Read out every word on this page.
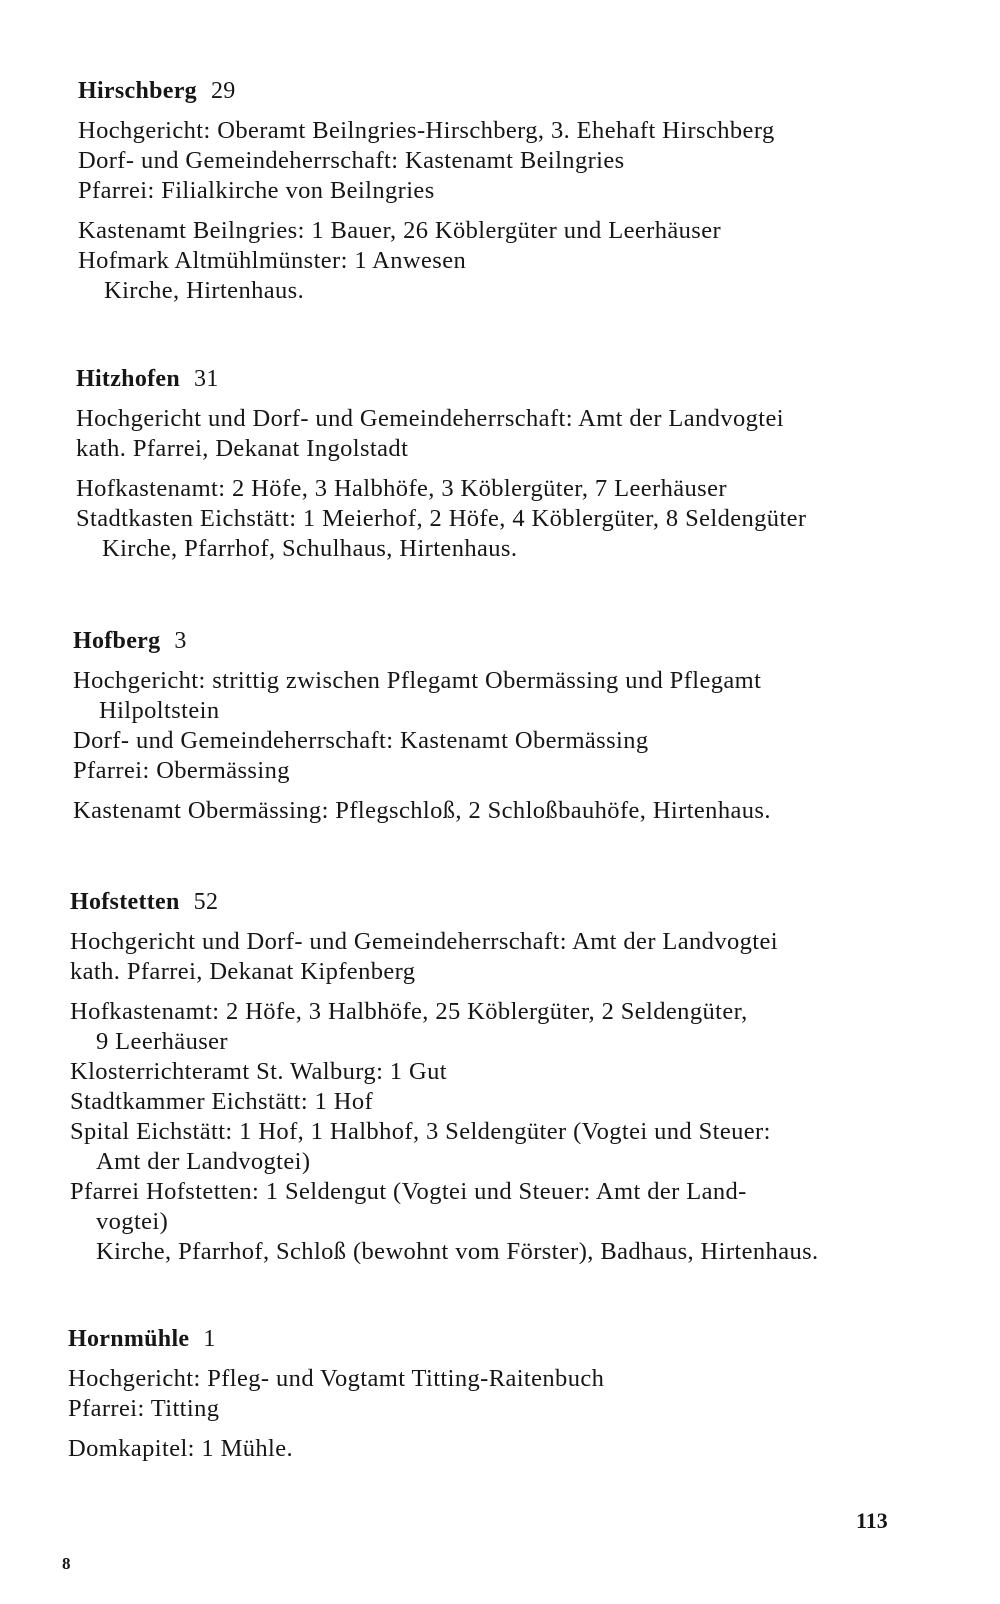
Hirschberg 29
Hochgericht: Oberamt Beilngries-Hirschberg, 3. Ehehaft Hirschberg
Dorf- und Gemeindeherrschaft: Kastenamt Beilngries
Pfarrei: Filialkirche von Beilngries
Kastenamt Beilngries: 1 Bauer, 26 Köblergüter und Leerhäuser
Hofmark Altmühlmünster: 1 Anwesen
Kirche, Hirtenhaus.
Hitzhofen 31
Hochgericht und Dorf- und Gemeindeherrschaft: Amt der Landvogtei
kath. Pfarrei, Dekanat Ingolstadt
Hofkastenamt: 2 Höfe, 3 Halbhöfe, 3 Köblergüter, 7 Leerhäuser
Stadtkasten Eichstätt: 1 Meierhof, 2 Höfe, 4 Köblergüter, 8 Seldengüter
Kirche, Pfarrhof, Schulhaus, Hirtenhaus.
Hofberg 3
Hochgericht: strittig zwischen Pflegamt Obermässing und Pflegamt
Hilpoltstein
Dorf- und Gemeindeherrschaft: Kastenamt Obermässing
Pfarrei: Obermässing
Kastenamt Obermässing: Pflegschloß, 2 Schloßbauhöfe, Hirtenhaus.
Hofstetten 52
Hochgericht und Dorf- und Gemeindeherrschaft: Amt der Landvogtei
kath. Pfarrei, Dekanat Kipfenberg
Hofkastenamt: 2 Höfe, 3 Halbhöfe, 25 Köblergüter, 2 Seldengüter,
9 Leerhäuser
Klosterrichteramt St. Walburg: 1 Gut
Stadtkammer Eichstätt: 1 Hof
Spital Eichstätt: 1 Hof, 1 Halbhof, 3 Seldengüter (Vogtei und Steuer:
Amt der Landvogtei)
Pfarrei Hofstetten: 1 Seldengut (Vogtei und Steuer: Amt der Land-
vogtei)
Kirche, Pfarrhof, Schloß (bewohnt vom Förster), Badhaus, Hirtenhaus.
Hornmühle 1
Hochgericht: Pfleg- und Vogtamt Titting-Raitenbuch
Pfarrei: Titting
Domkapitel: 1 Mühle.
113
8
